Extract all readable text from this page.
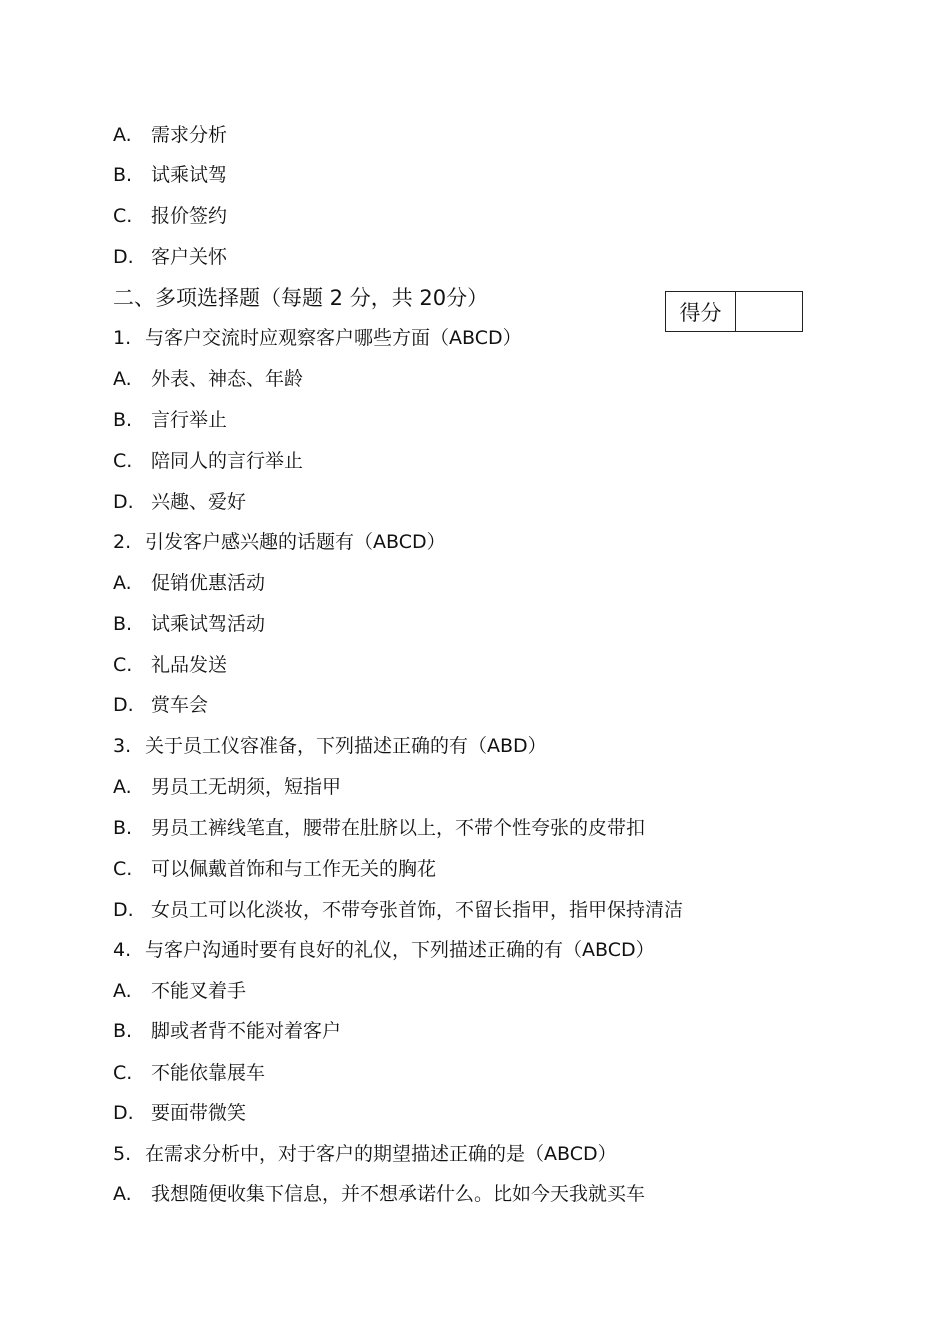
A. 需求分析
B. 试乘试驾
C. 报价签约
D. 客户关怀
二、多项选择题（每题 2 分，共 20分）
得分
1. 与客户交流时应观察客户哪些方面（ABCD）
A. 外表、神态、年龄
B. 言行举止
C. 陪同人的言行举止
D. 兴趣、爱好
2. 引发客户感兴趣的话题有（ABCD）
A. 促销优惠活动
B. 试乘试驾活动
C. 礼品发送
D. 赏车会
3. 关于员工仪容准备，下列描述正确的有（ABD）
A. 男员工无胡须，短指甲
B. 男员工裤线笔直，腰带在肚脐以上，不带个性夸张的皮带扣
C. 可以佩戴首饰和与工作无关的胸花
D. 女员工可以化淡妆，不带夸张首饰，不留长指甲，指甲保持清洁
4. 与客户沟通时要有良好的礼仪，下列描述正确的有（ABCD）
A. 不能叉着手
B. 脚或者背不能对着客户
C. 不能依靠展车
D. 要面带微笑
5. 在需求分析中，对于客户的期望描述正确的是（ABCD）
A. 我想随便收集下信息，并不想承诺什么。比如今天我就买车
